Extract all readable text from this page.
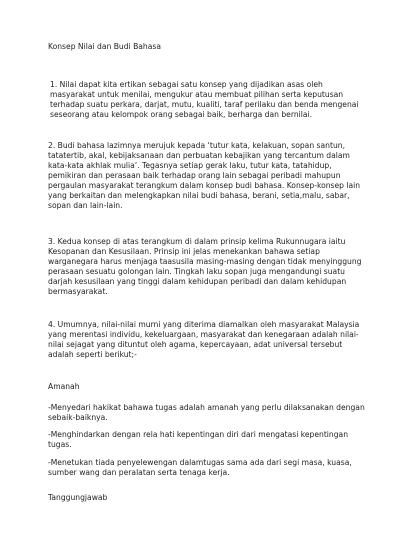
Konsep Nilai dan Budi Bahasa

1. Nilai dapat kita ertikan sebagai satu konsep yang dijadikan asas oleh masyarakat untuk menilai, mengukur atau membuat pilihan serta keputusan terhadap suatu perkara, darjat, mutu, kualiti, taraf perilaku dan benda mengenai seseorang atau kelompok orang sebagai baik, berharga dan bernilai.

2. Budi bahasa lazimnya merujuk kepada ‘tutur kata, kelakuan, sopan santun, tatatertib, akal, kebijaksanaan dan perbuatan kebajikan yang tercantum dalam kata-kata akhlak mulia’. Tegasnya setiap gerak laku, tutur kata, tatahidup, pemikiran dan perasaan baik terhadap orang lain sebagai peribadi mahupun pergaulan masyarakat terangkum dalam konsep budi bahasa. Konsep-konsep lain yang berkaitan dan melengkapkan nilai budi bahasa, berani, setia,malu, sabar, sopan dan lain-lain.

3. Kedua konsep di atas terangkum di dalam prinsip kelima Rukunnugara iaitu Kesopanan dan Kesusilaan. Prinsip ini jelas menekankan bahawa setiap warganegara harus menjaga taasusila masing-masing dengan tidak menyinggung perasaan sesuatu golongan lain. Tingkah laku sopan juga mengandungi suatu darjah kesusilaan yang tinggi dalam kehidupan peribadi dan dalam kehidupan bermasyarakat.

4. Umumnya, nilai-nilai murni yang diterima diamalkan oleh masyarakat Malaysia yang merentasi individu, kekeluargaan, masyarakat dan kenegaraan adalah nilai-nilai sejagat yang dituntut oleh agama, kepercayaan, adat universal tersebut adalah seperti berikut;-

Amanah

-Menyedari hakikat bahawa tugas adalah amanah yang perlu dilaksanakan dengan sebaik-baiknya.

-Menghindarkan dengan rela hati kepentingan diri dari mengatasi kepentingan tugas.

-Menetukan tiada penyelewengan dalamtugas sama ada dari segi masa, kuasa, sumber wang dan peralatan serta tenaga kerja.

Tanggungjawab
